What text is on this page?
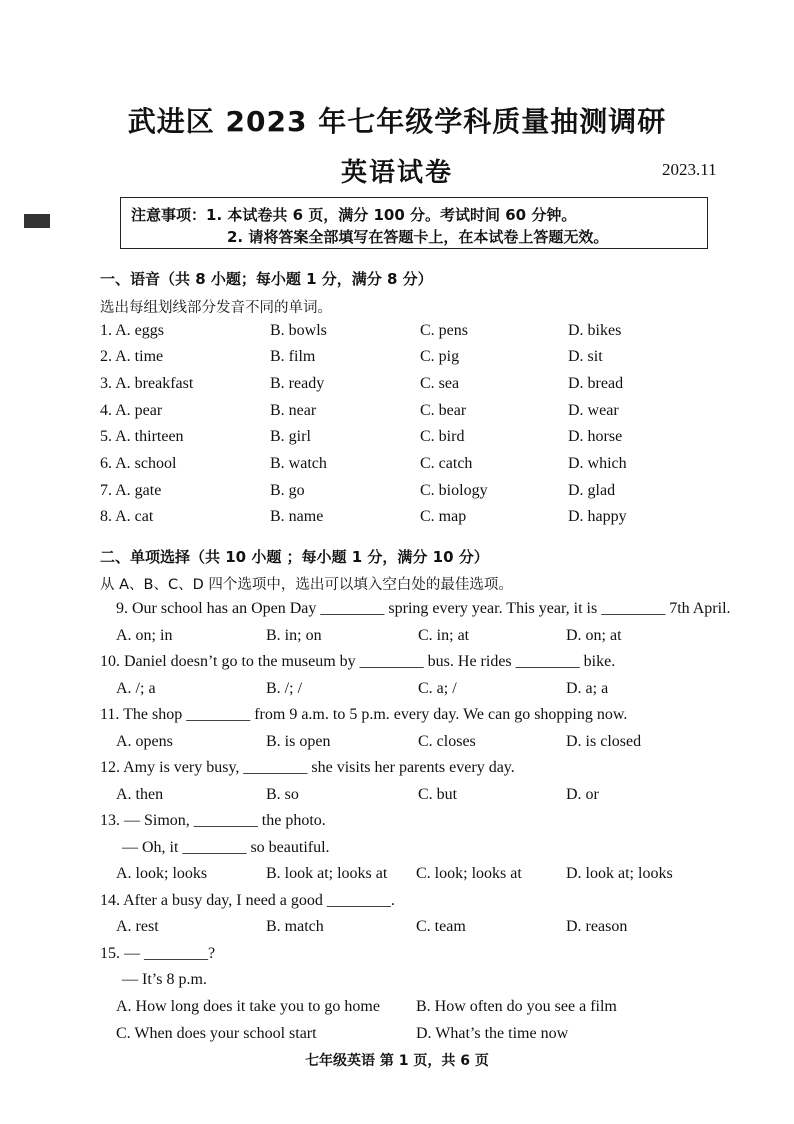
武进区 2023 年七年级学科质量抽测调研
英语试卷	2023.11
注意事项：1. 本试卷共 6 页，满分 100 分。考试时间 60 分钟。
2. 请将答案全部填写在答题卡上，在本试卷上答题无效。
一、语音（共 8 小题；每小题 1 分，满分 8 分）
选出每组划线部分发音不同的单词。
1. A. eggs	B. bowls	C. pens	D. bikes
2. A. time	B. film	C. pig	D. sit
3. A. breakfast	B. ready	C. sea	D. bread
4. A. pear	B. near	C. bear	D. wear
5. A. thirteen	B. girl	C. bird	D. horse
6. A. school	B. watch	C. catch	D. which
7. A. gate	B. go	C. biology	D. glad
8. A. cat	B. name	C. map	D. happy
二、单项选择（共 10 小题 ；每小题 1 分，满分 10 分）
从 A、B、C、D 四个选项中，选出可以填入空白处的最佳选项。
9. Our school has an Open Day ________ spring every year. This year, it is ________ 7th April.
A. on; in	B. in; on	C. in; at	D. on; at
10. Daniel doesn’t go to the museum by ________ bus. He rides ________ bike.
A. /; a	B. /; /	C. a; /	D. a; a
11. The shop ________ from 9 a.m. to 5 p.m. every day. We can go shopping now.
A. opens	B. is open	C. closes	D. is closed
12. Amy is very busy, ________ she visits her parents every day.
A. then	B. so	C. but	D. or
13. — Simon, ________ the photo.
— Oh, it ________ so beautiful.
A. look; looks	B. look at; looks at C. look; looks at	D. look at; looks
14. After a busy day, I need a good ________.
A. rest	B. match	C. team	D. reason
15. — ________?
— It’s 8 p.m.
A. How long does it take you to go home B. How often do you see a film
C. When does your school start	D. What’s the time now
七年级英语 第 1 页，共 6 页
